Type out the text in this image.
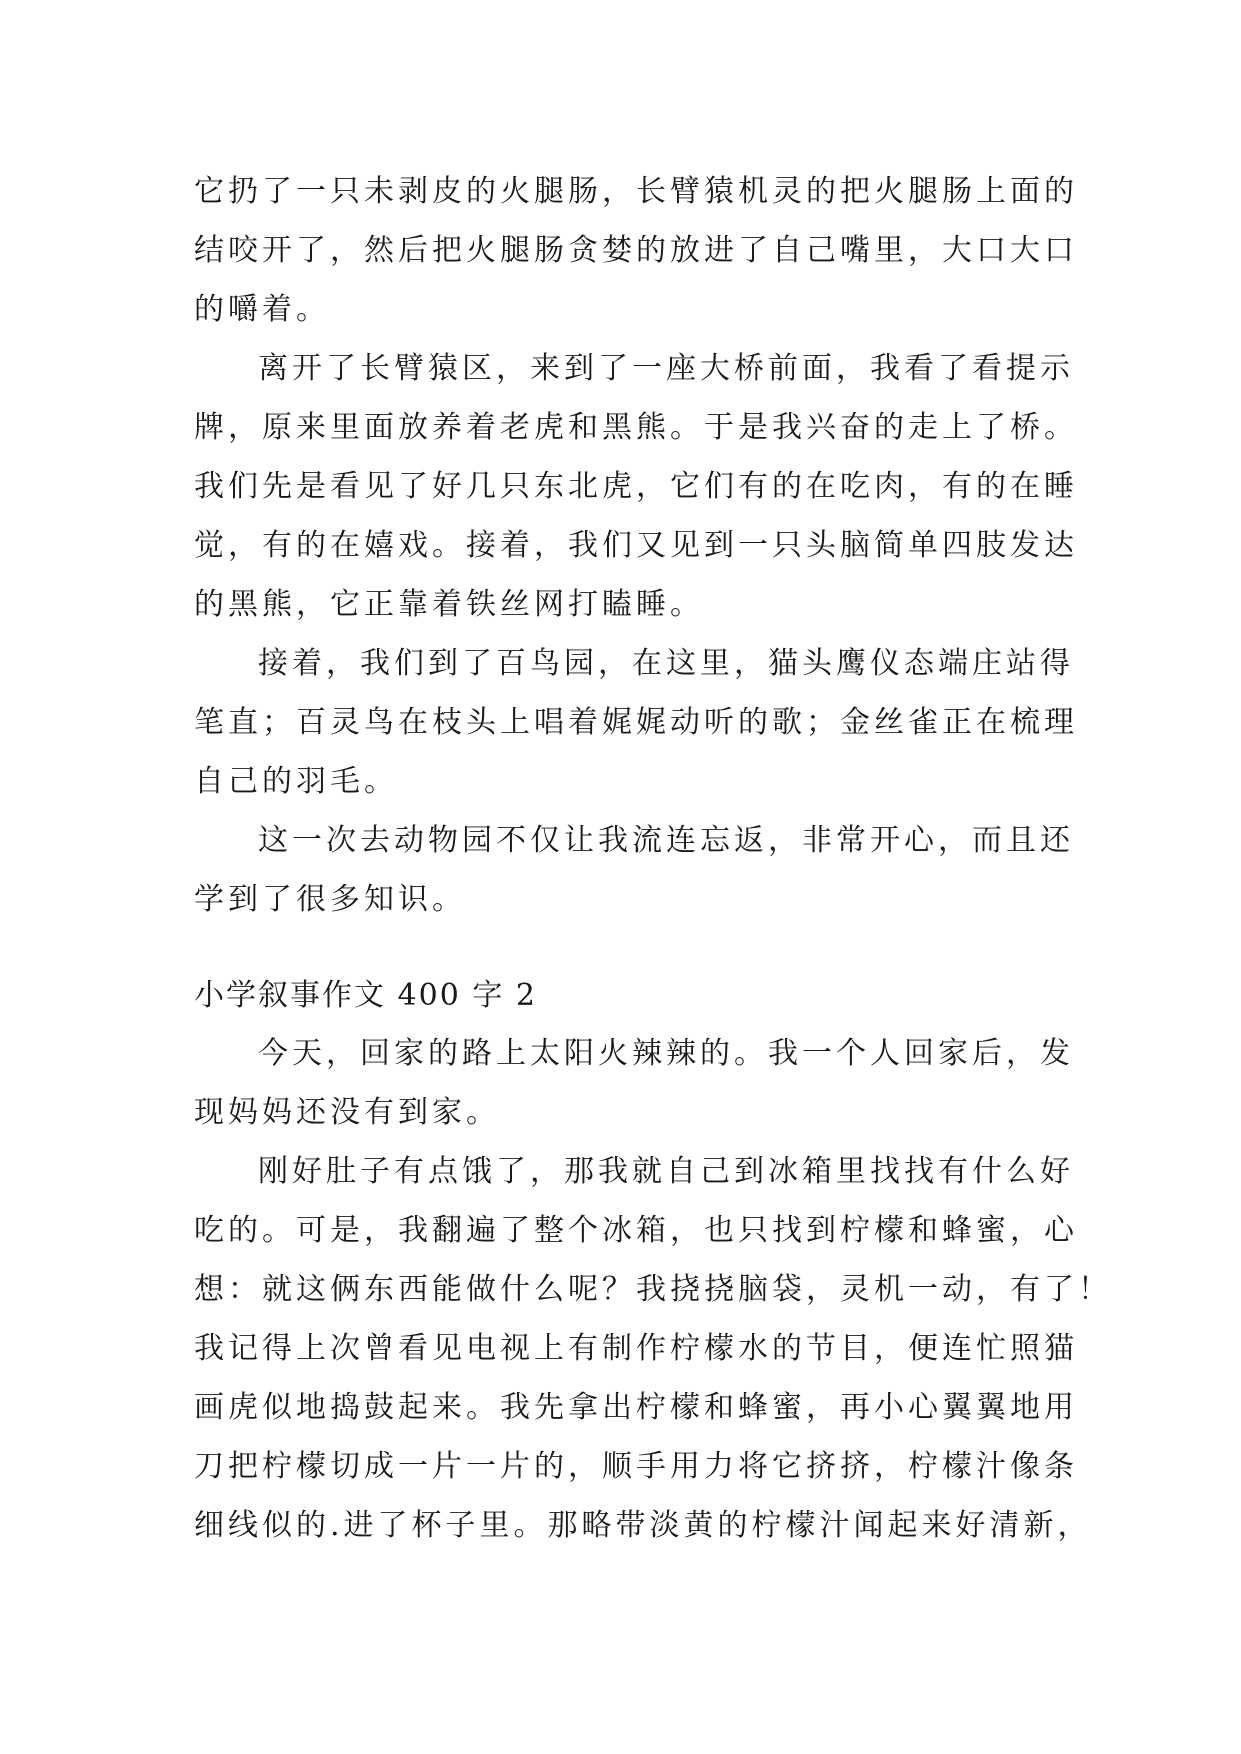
它扔了一只未剥皮的火腿肠，长臂猿机灵的把火腿肠上面的

结咬开了，然后把火腿肠贪婪的放进了自己嘴里，大口大口

的嚼着。

离开了长臂猿区，来到了一座大桥前面，我看了看提示

牌，原来里面放养着老虎和黑熊。于是我兴奋的走上了桥。

我们先是看见了好几只东北虎，它们有的在吃肉，有的在睡

觉，有的在嬉戏。接着，我们又见到一只头脑简单四肢发达

的黑熊，它正靠着铁丝网打瞌睡。

接着，我们到了百鸟园，在这里，猫头鹰仪态端庄站得

笔直；百灵鸟在枝头上唱着娓娓动听的歌；金丝雀正在梳理

自己的羽毛。

这一次去动物园不仅让我流连忘返，非常开心，而且还

学到了很多知识。

小学叙事作文 400 字 2

今天，回家的路上太阳火辣辣的。我一个人回家后，发

现妈妈还没有到家。

刚好肚子有点饿了，那我就自己到冰箱里找找有什么好

吃的。可是，我翻遍了整个冰箱，也只找到柠檬和蜂蜜，心

想：就这俩东西能做什么呢？我挠挠脑袋，灵机一动，有了！

我记得上次曾看见电视上有制作柠檬水的节目，便连忙照猫

画虎似地捣鼓起来。我先拿出柠檬和蜂蜜，再小心翼翼地用

刀把柠檬切成一片一片的，顺手用力将它挤挤，柠檬汁像条

细线似的.进了杯子里。那略带淡黄的柠檬汁闻起来好清新，
